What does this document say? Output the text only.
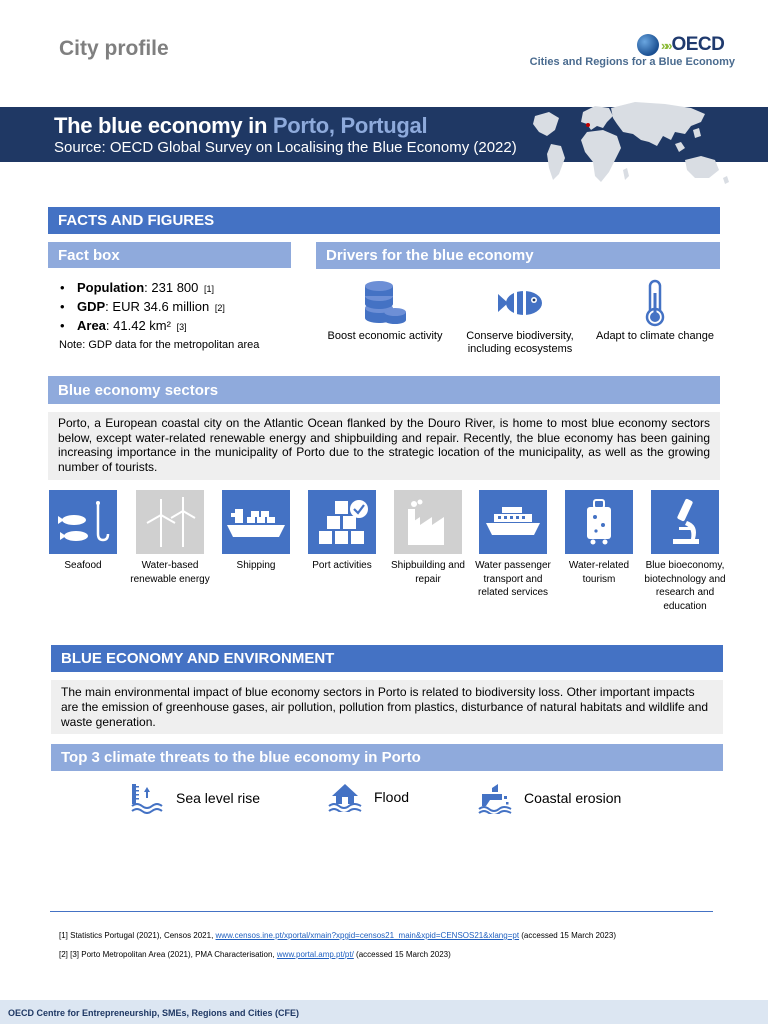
City profile	»» OECD
Cities and Regions for a Blue Economy
The blue economy in Porto, Portugal
Source: OECD Global Survey on Localising the Blue Economy (2022)
FACTS AND FIGURES
Fact box
• Population: 231 800 [1]
• GDP: EUR 34.6 million [2]
• Area: 41.42 km² [3]
Note: GDP data for the metropolitan area
Drivers for the blue economy
Boost economic activity	Conserve biodiversity, including ecosystems
Adapt to climate change
Blue economy sectors
Porto, a European coastal city on the Atlantic Ocean flanked by the Douro River, is home to most blue economy sectors below, except water-related renewable energy and shipbuilding and repair. Recently, the blue economy has been gaining increasing importance in the municipality of Porto due to the strategic location of the municipality, as well as the growing number of tourists.
Seafood	Water-based renewable energy
Shipping	Port activities	Shipbuilding and repair
Water passenger transport and related services
Water-related tourism
Blue bioeconomy, biotechnology and research and education
BLUE ECONOMY AND ENVIRONMENT
The main environmental impact of blue economy sectors in Porto is related to biodiversity loss. Other important impacts are the emission of greenhouse gases, air pollution, pollution from plastics, disturbance of natural habitats and wildlife and waste generation.
Top 3 climate threats to the blue economy in Porto
Sea level rise	Flood	Coastal erosion
[1] Statistics Portugal (2021), Censos 2021, www.censos.ine.pt/xportal/xmain?xpgid=censos21_main&xpid=CENSOS21&xlang=pt (accessed 15 March 2023)
[2] [3] Porto Metropolitan Area (2021), PMA Characterisation, www.portal.amp.pt/pt/ (accessed 15 March 2023)
OECD Centre for Entrepreneurship, SMEs, Regions and Cities (CFE)
